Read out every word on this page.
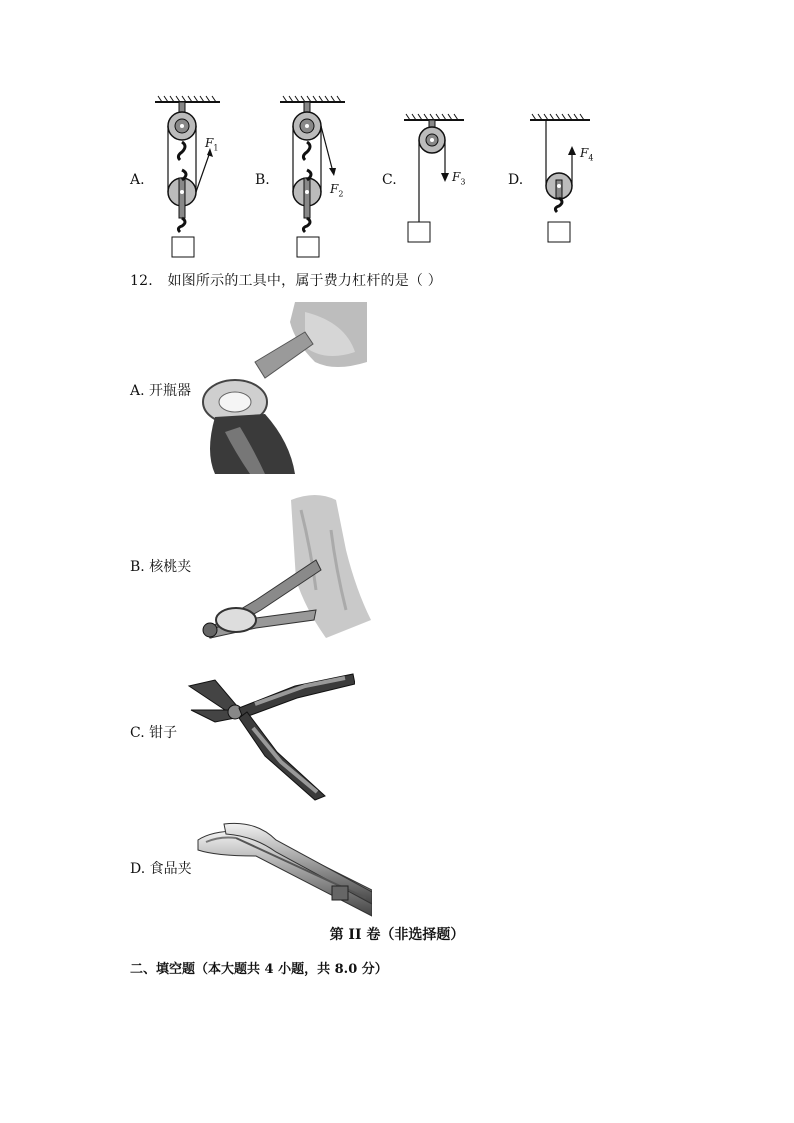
A.
$F_1$
B.
$F_2$
C.	$F_3$	D.
$F_4$
12. 如图所示的工具中，属于费力杠杆的是（ ）
A. 开瓶器
B. 核桃夹
C. 钳子
D. 食品夹
第 II 卷（非选择题）
二、填空题（本大题共 4 小题，共 8.0 分）
